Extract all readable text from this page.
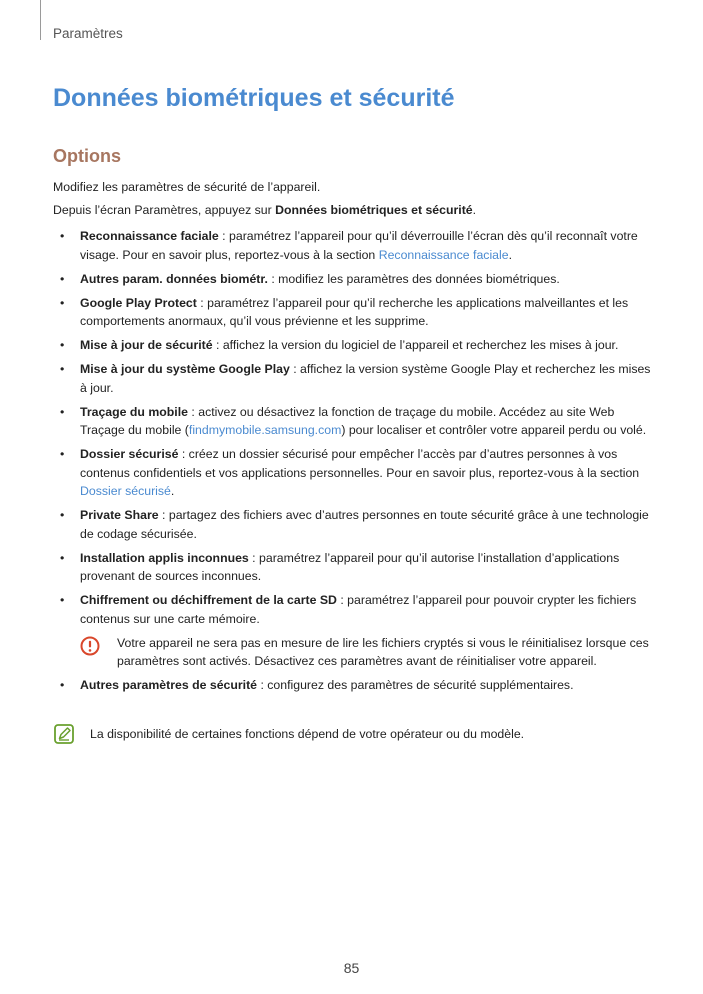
Paramètres
Données biométriques et sécurité
Options

Modifiez les paramètres de sécurité de l’appareil.

Depuis l’écran Paramètres, appuyez sur Données biométriques et sécurité.

• Reconnaissance faciale : paramétrez l’appareil pour qu’il déverrouille l’écran dès qu’il reconnaît votre visage. Pour en savoir plus, reportez-vous à la section Reconnaissance faciale.
• Autres param. données biométr. : modifiez les paramètres des données biométriques.
• Google Play Protect : paramétrez l’appareil pour qu’il recherche les applications malveillantes et les comportements anormaux, qu’il vous prévienne et les supprime.
• Mise à jour de sécurité : affichez la version du logiciel de l’appareil et recherchez les mises à jour.
• Mise à jour du système Google Play : affichez la version système Google Play et recherchez les mises à jour.
• Traçage du mobile : activez ou désactivez la fonction de traçage du mobile. Accédez au site Web Traçage du mobile (findmymobile.samsung.com) pour localiser et contrôler votre appareil perdu ou volé.
• Dossier sécurisé : créez un dossier sécurisé pour empêcher l’accès par d’autres personnes à vos contenus confidentiels et vos applications personnelles. Pour en savoir plus, reportez-vous à la section Dossier sécurisé.
• Private Share : partagez des fichiers avec d’autres personnes en toute sécurité grâce à une technologie de codage sécurisée.
• Installation applis inconnues : paramétrez l’appareil pour qu’il autorise l’installation d’applications provenant de sources inconnues.
• Chiffrement ou déchiffrement de la carte SD : paramétrez l’appareil pour pouvoir crypter les fichiers contenus sur une carte mémoire.
Votre appareil ne sera pas en mesure de lire les fichiers cryptés si vous le réinitialisez lorsque ces paramètres sont activés. Désactivez ces paramètres avant de réinitialiser votre appareil.
• Autres paramètres de sécurité : configurez des paramètres de sécurité supplémentaires.

La disponibilité de certaines fonctions dépend de votre opérateur ou du modèle.

85
